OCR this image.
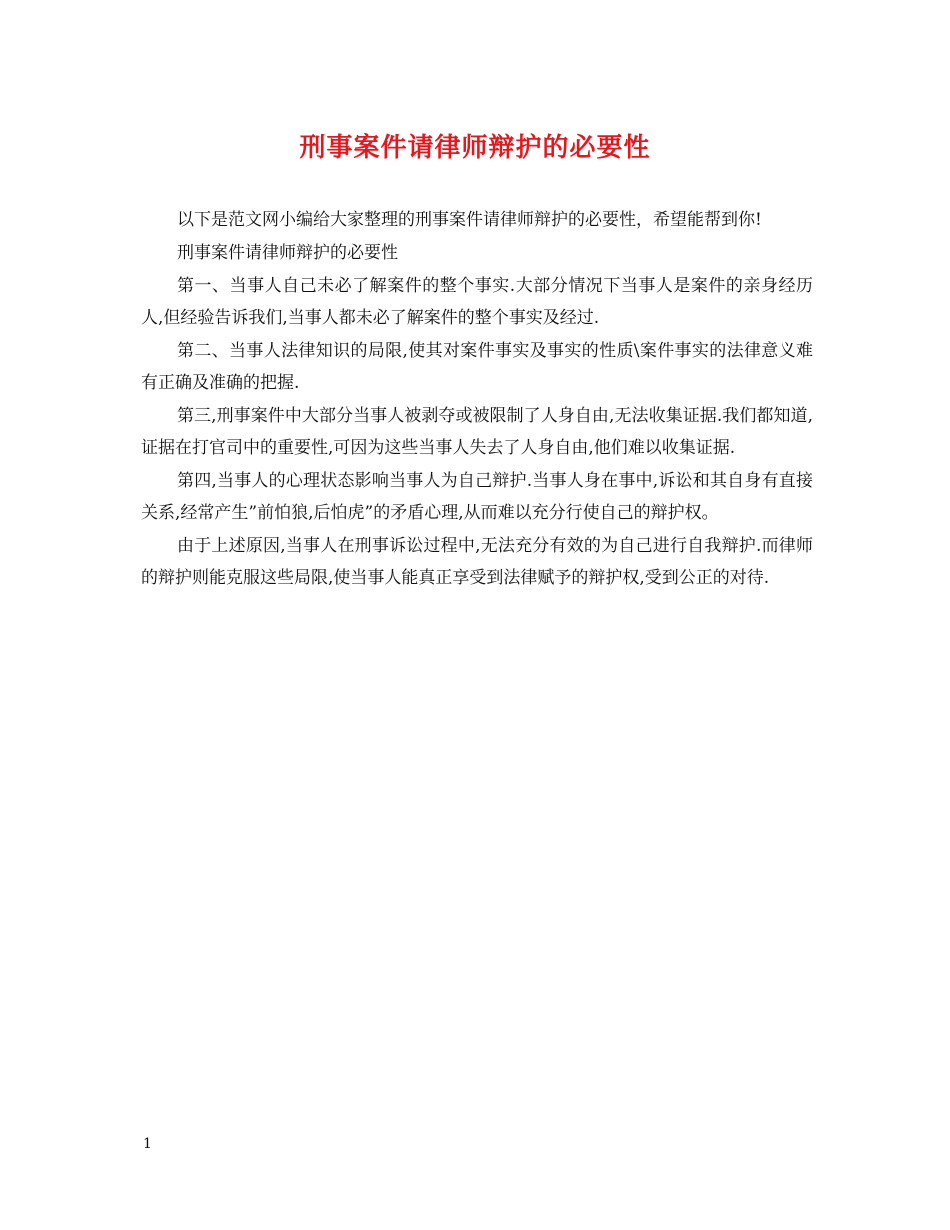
刑事案件请律师辩护的必要性

以下是范文网小编给大家整理的刑事案件请律师辩护的必要性，希望能帮到你!

刑事案件请律师辩护的必要性

第一、当事人自己未必了解案件的整个事实.大部分情况下当事人是案件的亲身经历人,但经验告诉我们,当事人都未必了解案件的整个事实及经过.

第二、当事人法律知识的局限,使其对案件事实及事实的性质\案件事实的法律意义难有正确及准确的把握.

第三,刑事案件中大部分当事人被剥夺或被限制了人身自由,无法收集证据.我们都知道,证据在打官司中的重要性,可因为这些当事人失去了人身自由,他们难以收集证据.

第四,当事人的心理状态影响当事人为自己辩护.当事人身在事中,诉讼和其自身有直接关系,经常产生”前怕狼,后怕虎”的矛盾心理,从而难以充分行使自己的辩护权。

由于上述原因,当事人在刑事诉讼过程中,无法充分有效的为自己进行自我辩护.而律师的辩护则能克服这些局限,使当事人能真正享受到法律赋予的辩护权,受到公正的对待.

1
